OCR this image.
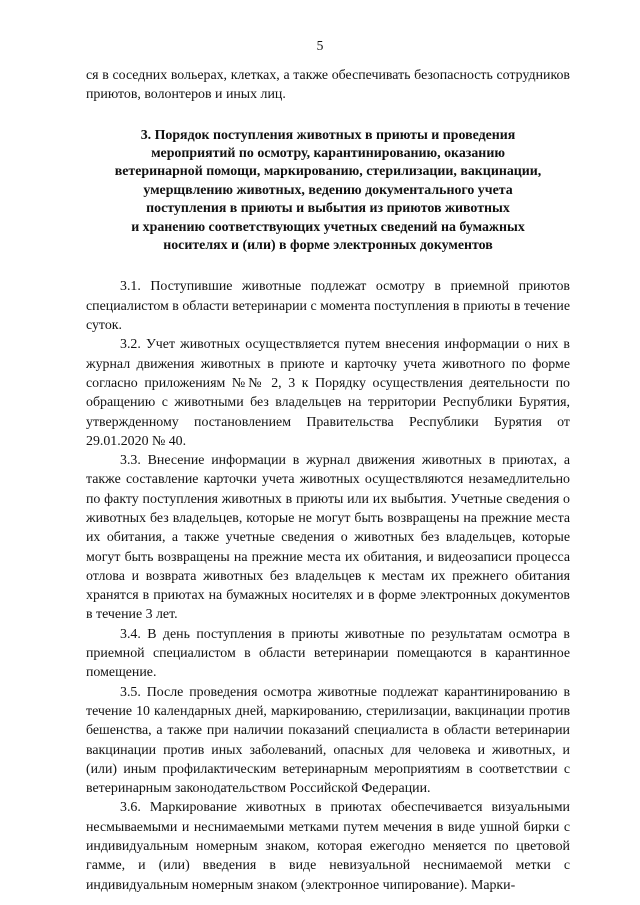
5

ся в соседних вольерах, клетках, а также обеспечивать безопасность сотрудников приютов, волонтеров и иных лиц.

3. Порядок поступления животных в приюты и проведения
мероприятий по осмотру, карантинированию, оказанию
ветеринарной помощи, маркированию, стерилизации, вакцинации,
умерщвлению животных, ведению документального учета
поступления в приюты и выбытия из приютов животных
и хранению соответствующих учетных сведений на бумажных
носителях и (или) в форме электронных документов

3.1. Поступившие животные подлежат осмотру в приемной приютов специалистом в области ветеринарии с момента поступления в приюты в течение суток.

3.2. Учет животных осуществляется путем внесения информации о них в журнал движения животных в приюте и карточку учета животного по форме согласно приложениям №№ 2, 3 к Порядку осуществления деятельности по обращению с животными без владельцев на территории Республики Бурятия, утвержденному постановлением Правительства Республики Бурятия от 29.01.2020 № 40.

3.3. Внесение информации в журнал движения животных в приютах, а также составление карточки учета животных осуществляются незамедлительно по факту поступления животных в приюты или их выбытия. Учетные сведения о животных без владельцев, которые не могут быть возвращены на прежние места их обитания, а также учетные сведения о животных без владельцев, которые могут быть возвращены на прежние места их обитания, и видеозаписи процесса отлова и возврата животных без владельцев к местам их прежнего обитания хранятся в приютах на бумажных носителях и в форме электронных документов в течение 3 лет.

3.4. В день поступления в приюты животные по результатам осмотра в приемной специалистом в области ветеринарии помещаются в карантинное помещение.

3.5. После проведения осмотра животные подлежат карантинированию в течение 10 календарных дней, маркированию, стерилизации, вакцинации против бешенства, а также при наличии показаний специалиста в области ветеринарии вакцинации против иных заболеваний, опасных для человека и животных, и (или) иным профилактическим ветеринарным мероприятиям в соответствии с ветеринарным законодательством Российской Федерации.

3.6. Маркирование животных в приютах обеспечивается визуальными несмываемыми и неснимаемыми метками путем мечения в виде ушной бирки с индивидуальным номерным знаком, которая ежегодно меняется по цветовой гамме, и (или) введения в виде невизуальной неснимаемой метки с индивидуальным номерным знаком (электронное чипирование). Марки-
